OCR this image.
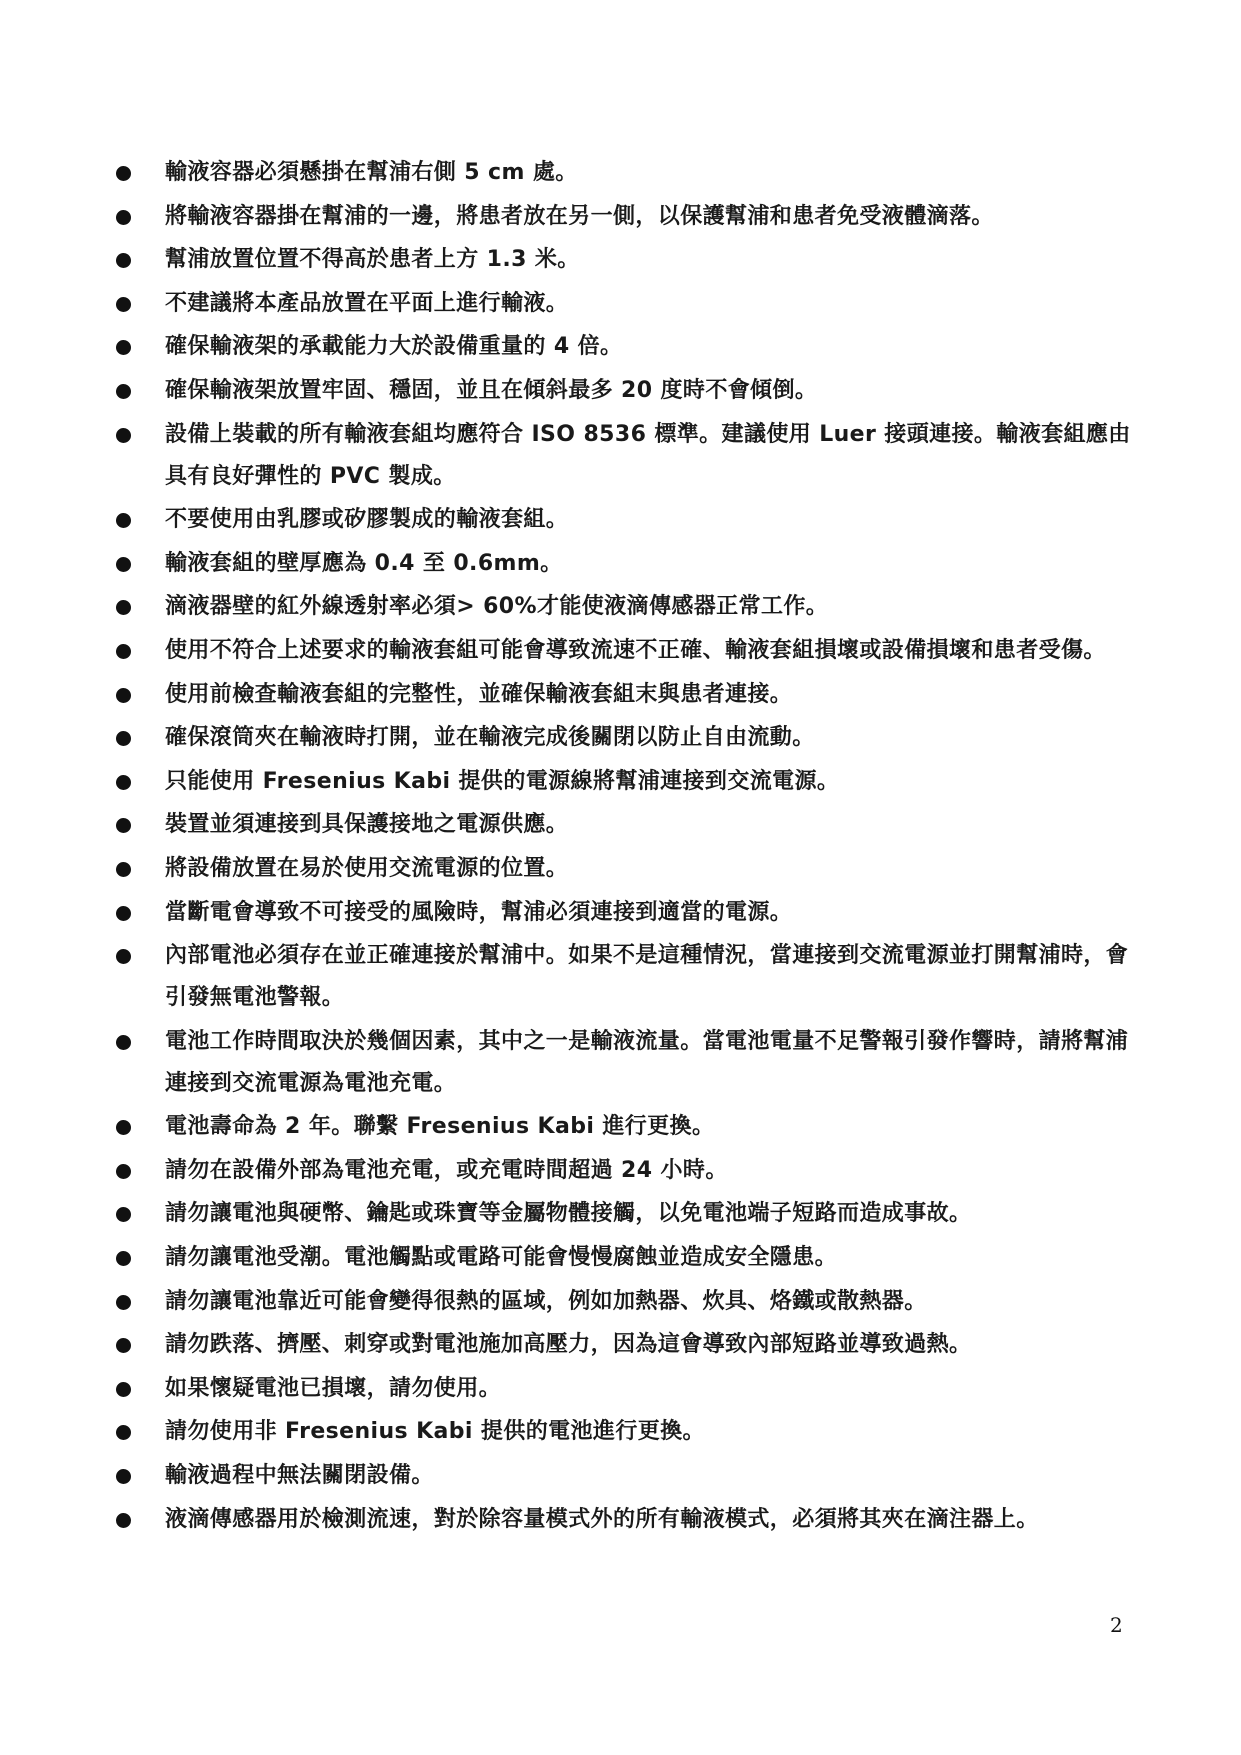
輸液容器必須懸掛在幫浦右側 5 cm 處。
將輸液容器掛在幫浦的一邊，將患者放在另一側，以保護幫浦和患者免受液體滴落。
幫浦放置位置不得高於患者上方 1.3 米。
不建議將本產品放置在平面上進行輸液。
確保輸液架的承載能力大於設備重量的 4 倍。
確保輸液架放置牢固、穩固，並且在傾斜最多 20 度時不會傾倒。
設備上裝載的所有輸液套組均應符合 ISO 8536 標準。建議使用 Luer 接頭連接。輸液套組應由具有良好彈性的 PVC 製成。
不要使用由乳膠或矽膠製成的輸液套組。
輸液套組的壁厚應為 0.4 至 0.6mm。
滴液器壁的紅外線透射率必須> 60%才能使液滴傳感器正常工作。
使用不符合上述要求的輸液套組可能會導致流速不正確、輸液套組損壞或設備損壞和患者受傷。
使用前檢查輸液套組的完整性，並確保輸液套組末與患者連接。
確保滾筒夾在輸液時打開，並在輸液完成後關閉以防止自由流動。
只能使用 Fresenius Kabi 提供的電源線將幫浦連接到交流電源。
裝置並須連接到具保護接地之電源供應。
將設備放置在易於使用交流電源的位置。
當斷電會導致不可接受的風險時，幫浦必須連接到適當的電源。
內部電池必須存在並正確連接於幫浦中。如果不是這種情況，當連接到交流電源並打開幫浦時，會引發無電池警報。
電池工作時間取決於幾個因素，其中之一是輸液流量。當電池電量不足警報引發作響時，請將幫浦連接到交流電源為電池充電。
電池壽命為 2 年。聯繫 Fresenius Kabi 進行更換。
請勿在設備外部為電池充電，或充電時間超過 24 小時。
請勿讓電池與硬幣、鑰匙或珠寶等金屬物體接觸，以免電池端子短路而造成事故。
請勿讓電池受潮。電池觸點或電路可能會慢慢腐蝕並造成安全隱患。
請勿讓電池靠近可能會變得很熱的區域，例如加熱器、炊具、烙鐵或散熱器。
請勿跌落、擠壓、刺穿或對電池施加高壓力，因為這會導致內部短路並導致過熱。
如果懷疑電池已損壞，請勿使用。
請勿使用非 Fresenius Kabi 提供的電池進行更換。
輸液過程中無法關閉設備。
液滴傳感器用於檢測流速，對於除容量模式外的所有輸液模式，必須將其夾在滴注器上。
2
